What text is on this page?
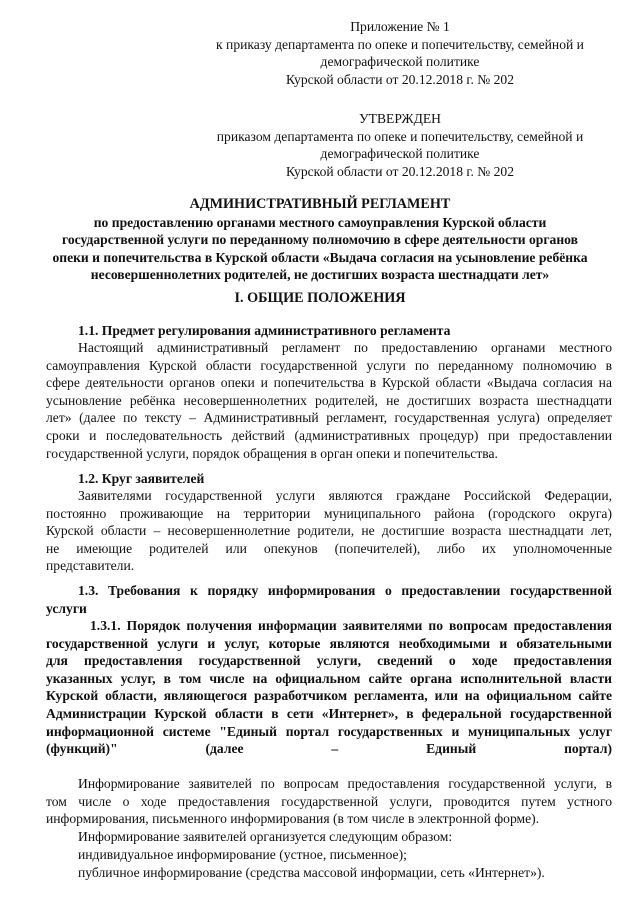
Приложение № 1
к приказу департамента по опеке и попечительству, семейной и
демографической политике
Курской области от 20.12.2018 г. № 202
УТВЕРЖДЕН
приказом департамента по опеке и попечительству, семейной и
демографической политике
Курской области от 20.12.2018 г. № 202
АДМИНИСТРАТИВНЫЙ РЕГЛАМЕНТ
по предоставлению органами местного самоуправления Курской области
государственной услуги по переданному полномочию в сфере деятельности органов
опеки и попечительства в Курской области «Выдача согласия на усыновление ребёнка
несовершеннолетних родителей, не достигших возраста шестнадцати лет»
I. ОБЩИЕ ПОЛОЖЕНИЯ
1.1. Предмет регулирования административного регламента
Настоящий административный регламент по предоставлению органами местного
самоуправления Курской области государственной услуги по переданному полномочию в
сфере деятельности органов опеки и попечительства в Курской области «Выдача согласия на
усыновление ребёнка несовершеннолетних родителей, не достигших возраста шестнадцати
лет» (далее по тексту – Административный регламент, государственная услуга) определяет
сроки и последовательность действий (административных процедур) при предоставлении
государственной услуги, порядок обращения в орган опеки и попечительства.
1.2. Круг заявителей
Заявителями государственной услуги являются граждане Российской Федерации,
постоянно проживающие на территории муниципального района (городского округа)
Курской области – несовершеннолетние родители, не достигшие возраста шестнадцати лет,
не имеющие родителей или опекунов (попечителей), либо их уполномоченные
представители.
1.3. Требования к порядку информирования о предоставлении государственной
услуги
1.3.1. Порядок получения информации заявителями по вопросам предоставления
государственной услуги и услуг, которые являются необходимыми и обязательными
для предоставления государственной услуги, сведений о ходе предоставления
указанных услуг, в том числе на официальном сайте органа исполнительной власти
Курской области, являющегося разработчиком регламента, или на официальном сайте
Администрации Курской области в сети «Интернет», в федеральной государственной
информационной системе "Единый портал государственных и муниципальных услуг
(функций)" (далее – Единый портал)
Информирование заявителей по вопросам предоставления государственной услуги, в
том числе о ходе предоставления государственной услуги, проводится путем устного
информирования, письменного информирования (в том числе в электронной форме).
Информирование заявителей организуется следующим образом:
индивидуальное информирование (устное, письменное);
публичное информирование (средства массовой информации, сеть «Интернет»).
